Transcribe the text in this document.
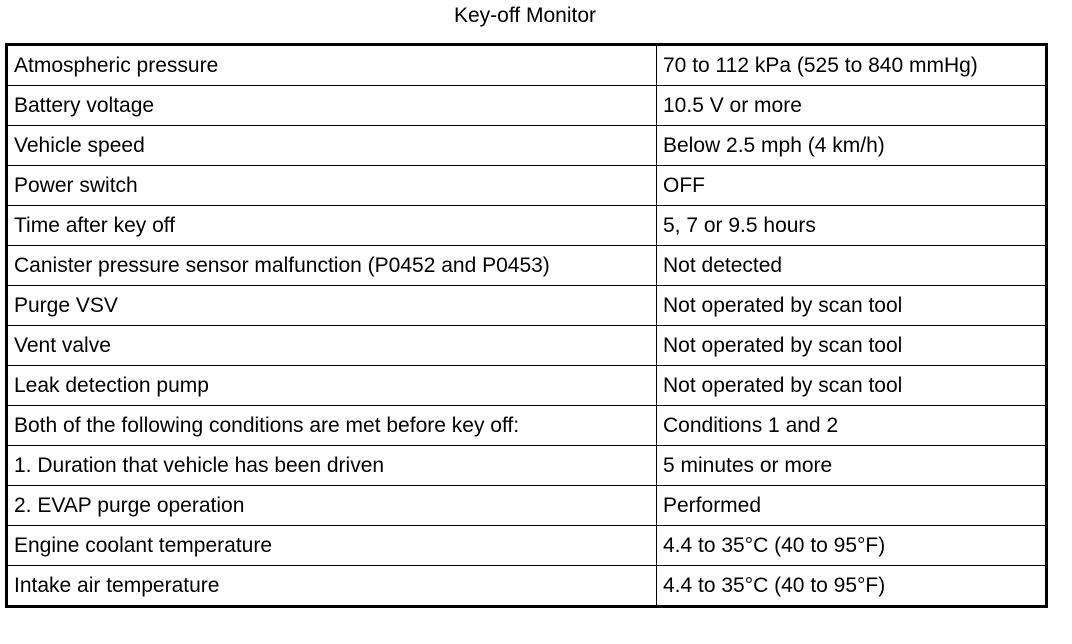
Key-off Monitor
Atmospheric pressure	70 to 112 kPa (525 to 840 mmHg)
Battery voltage	10.5 V or more
Vehicle speed	Below 2.5 mph (4 km/h)
Power switch	OFF
Time after key off	5, 7 or 9.5 hours
Canister pressure sensor malfunction (P0452 and P0453)	Not detected
Purge VSV	Not operated by scan tool
Vent valve	Not operated by scan tool
Leak detection pump	Not operated by scan tool
Both of the following conditions are met before key off:	Conditions 1 and 2
1. Duration that vehicle has been driven	5 minutes or more
2. EVAP purge operation	Performed
Engine coolant temperature	4.4 to 35°C (40 to 95°F)
Intake air temperature	4.4 to 35°C (40 to 95°F)
